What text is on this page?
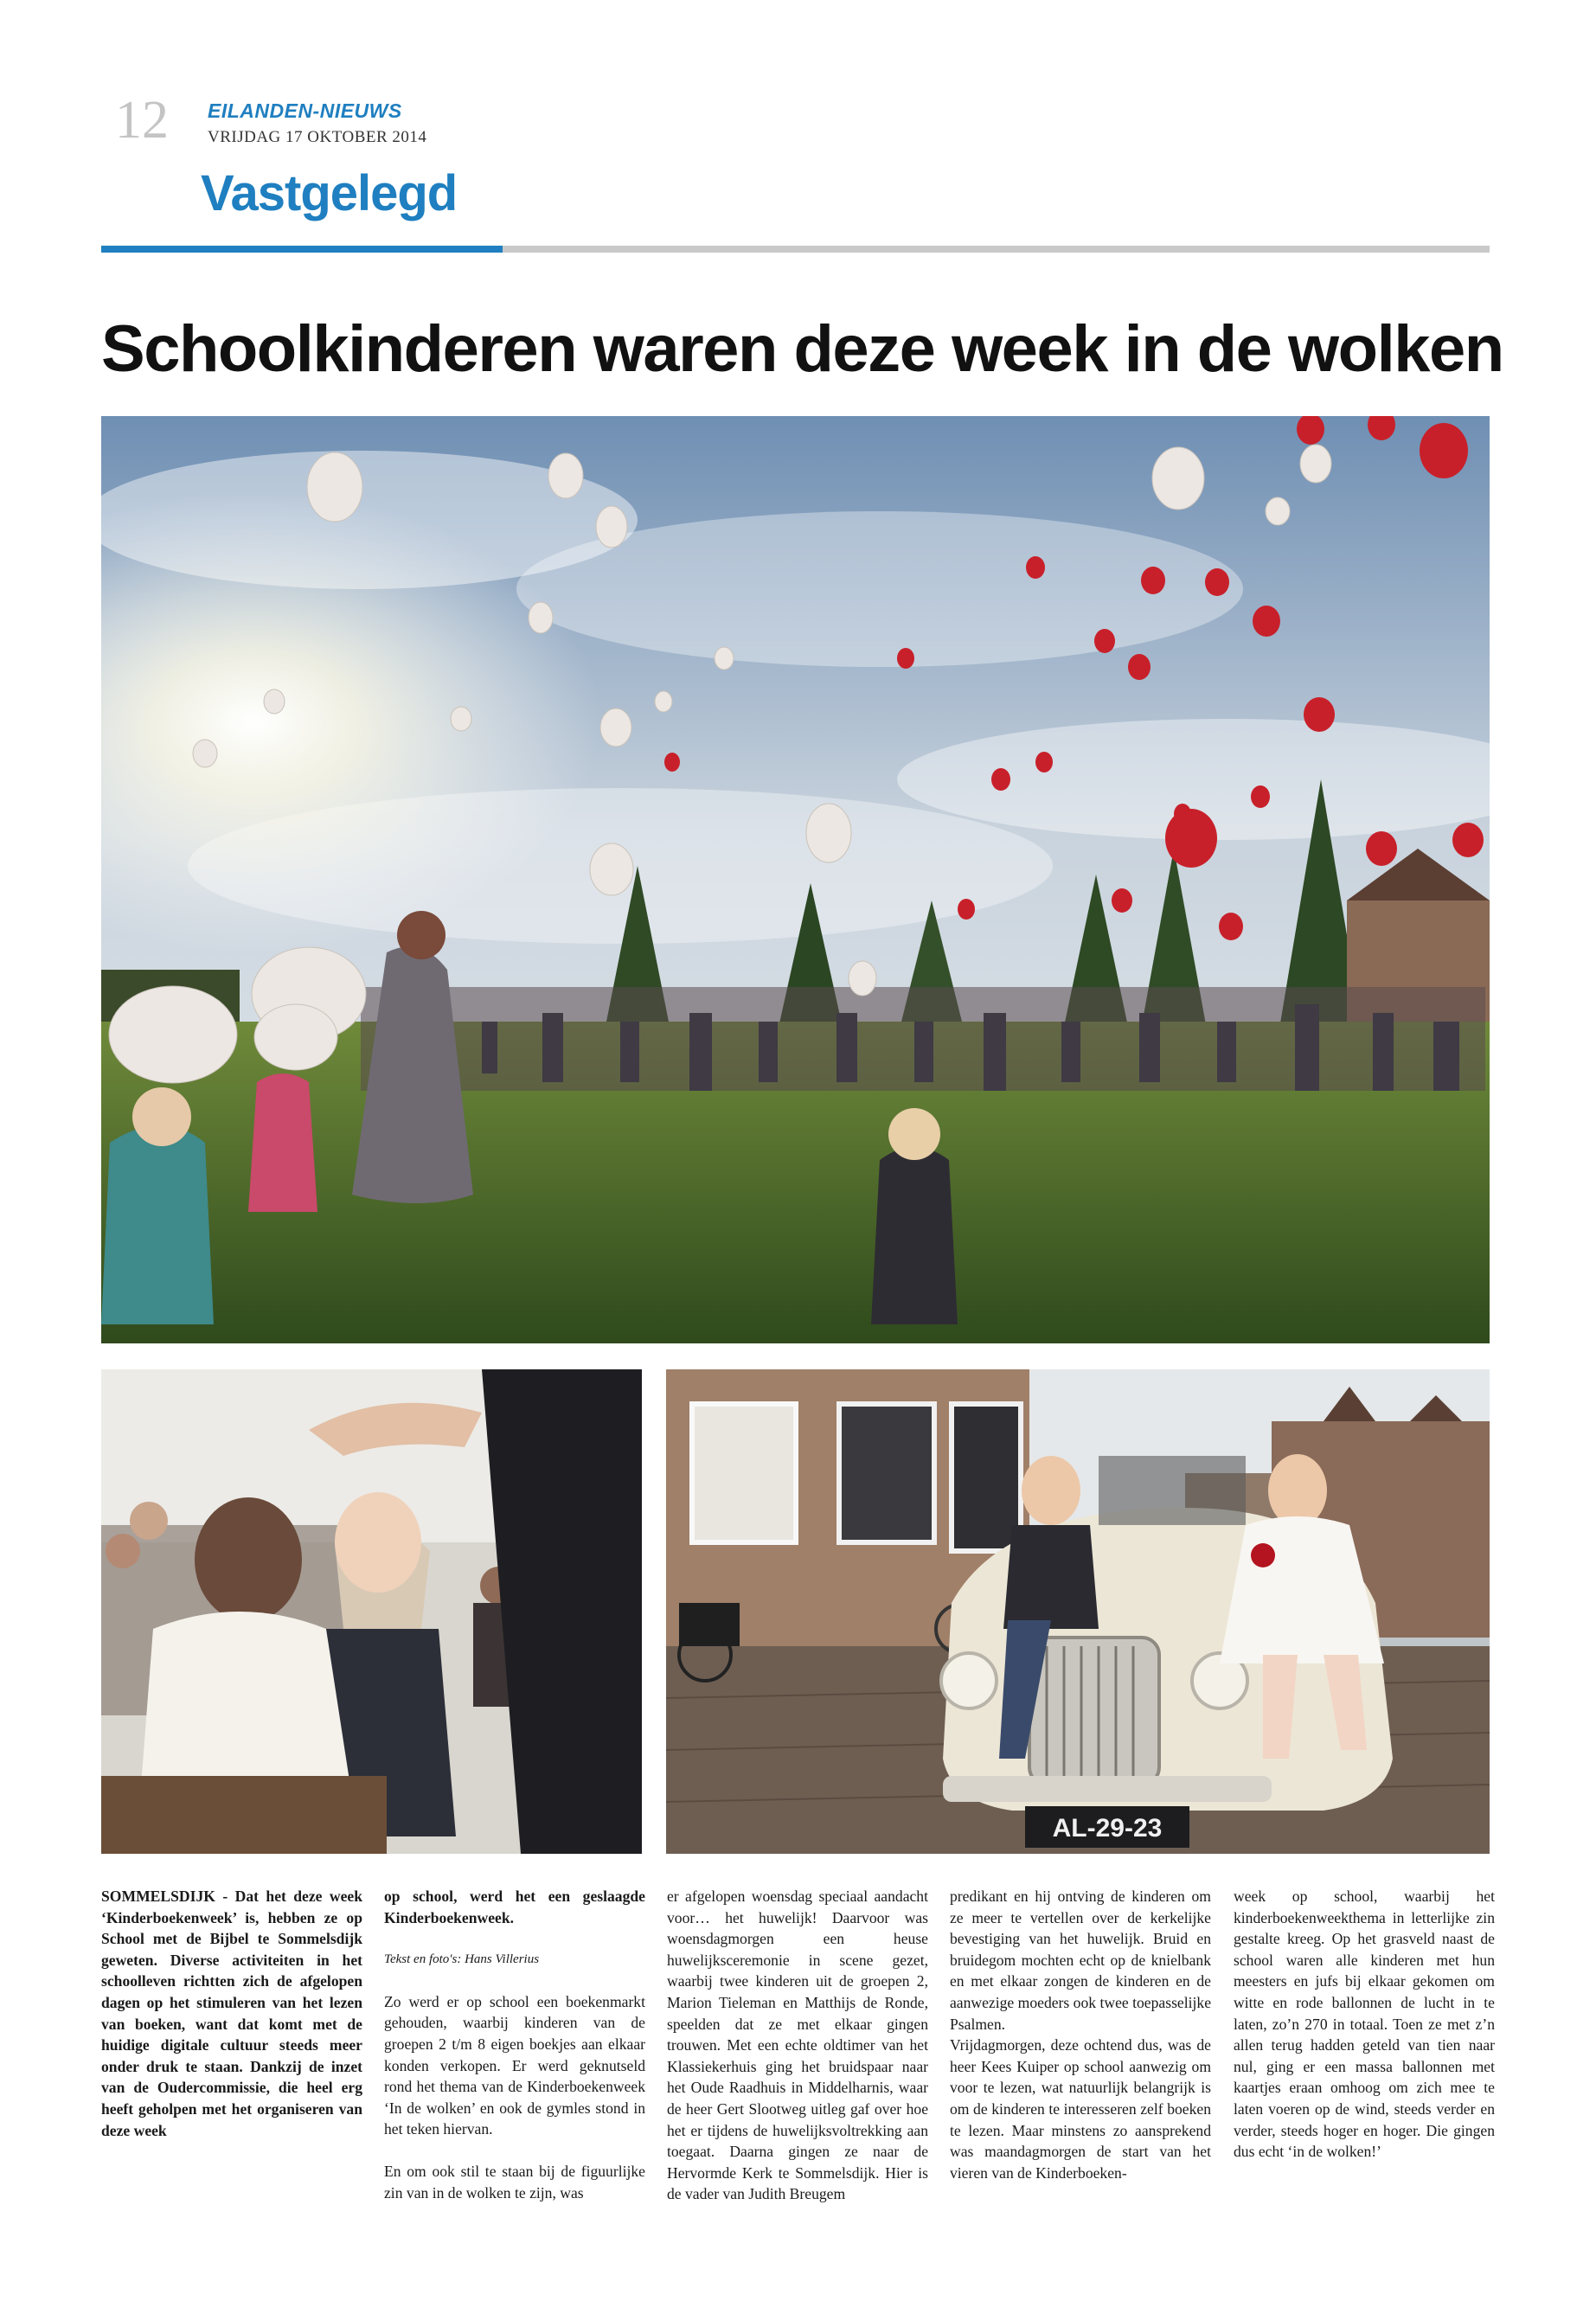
12 EILANDEN-NIEUWS
VRIJDAG 17 OKTOBER 2014
Vastgelegd
Schoolkinderen waren deze week in de wolken
AL-29-23

SOMMELSDIJK - Dat het deze week ‘Kinderboekenweek’ is, hebben ze op School met de Bijbel te Sommelsdijk geweten. Diverse activiteiten in het schoolleven richtten zich de afgelopen dagen op het stimuleren van het lezen van boeken, want dat komt met de huidige digitale cultuur steeds meer onder druk te staan. Dankzij de inzet van de Oudercommissie, die heel erg heeft geholpen met het organiseren van deze week

op school, werd het een geslaagde Kinderboekenweek.

Tekst en foto's: Hans Villerius

Zo werd er op school een boekenmarkt gehouden, waarbij kinderen van de groepen 2 t/m 8 eigen boekjes aan elkaar konden verkopen. Er werd geknutseld rond het thema van de Kinderboekenweek ‘In de wolken’ en ook de gymles stond in het teken hiervan.

En om ook stil te staan bij de figuurlijke zin van in de wolken te zijn, was

er afgelopen woensdag speciaal aandacht voor… het huwelijk! Daarvoor was woensdagmorgen een heuse huwelijksceremonie in scene gezet, waarbij twee kinderen uit de groepen 2, Marion Tieleman en Matthijs de Ronde, speelden dat ze met elkaar gingen trouwen. Met een echte oldtimer van het Klassiekerhuis ging het bruidspaar naar het Oude Raadhuis in Middelharnis, waar de heer Gert Slootweg uitleg gaf over hoe het er tijdens de huwelijksvoltrekking aan toegaat. Daarna gingen ze naar de Hervormde Kerk te Sommelsdijk. Hier is de vader van Judith Breugem

predikant en hij ontving de kinderen om ze meer te vertellen over de kerkelijke bevestiging van het huwelijk. Bruid en bruidegom mochten echt op de knielbank en met elkaar zongen de kinderen en de aanwezige moeders ook twee toepasselijke Psalmen.

Vrijdagmorgen, deze ochtend dus, was de heer Kees Kuiper op school aanwezig om voor te lezen, wat natuurlijk belangrijk is om de kinderen te interesseren zelf boeken te lezen. Maar minstens zo aansprekend was maandagmorgen de start van het vieren van de Kinderboeken-

week op school, waarbij het kinderboekenweekthema in letterlijke zin gestalte kreeg. Op het grasveld naast de school waren alle kinderen met hun meesters en jufs bij elkaar gekomen om witte en rode ballonnen de lucht in te laten, zo’n 270 in totaal. Toen ze met z’n allen terug hadden geteld van tien naar nul, ging er een massa ballonnen met kaartjes eraan omhoog om zich mee te laten voeren op de wind, steeds verder en verder, steeds hoger en hoger. Die gingen dus echt ‘in de wolken!’
